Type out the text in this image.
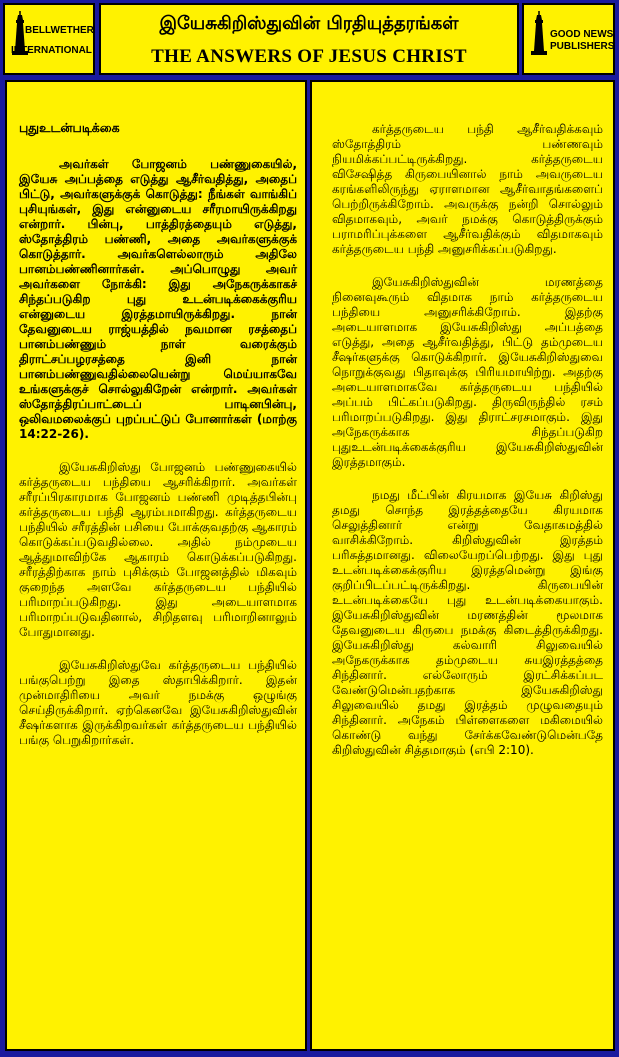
BELLWETHER
INTERNATIONAL
இயேசுகிறிஸ்துவின் பிரதியுத்தரங்கள்
THE ANSWERS OF JESUS CHRIST
GOOD NEWS
PUBLISHERS
புதுஉடன்படிக்கை

அவர்கள் போஜனம் பண்ணுகையில், இயேசு அப்பத்தை எடுத்து ஆசீர்வதித்து, அதைப் பிட்டு, அவர்களுக்குக் கொடுத்து: நீங்கள் வாங்கிப் புசியுங்கள், இது என்னுடைய சரீரமாயிருக்கிறது என்றார். பின்பு, பாத்திரத்தையும் எடுத்து, ஸ்தோத்திரம் பண்ணி, அதை அவர்களுக்குக் கொடுத்தார். அவர்களெல்லாரும் அதிலே பானம்பண்ணினார்கள். அப்பொழுது அவர் அவர்களை நோக்கி: இது அநேகருக்காகச் சிந்தப்படுகிற புது உடன்படிக்கைக்குரிய என்னுடைய இரத்தமாயிருக்கிறது. நான் தேவனுடைய ராஜ்யத்தில் நவமான ரசத்தைப் பானம்பண்ணும் நாள் வரைக்கும் திராட்சப்பழரசத்தை இனி நான் பானம்பண்ணுவதில்லையென்று மெய்யாகவே உங்களுக்குச் சொல்லுகிறேன் என்றார். அவர்கள் ஸ்தோத்திரப்பாட்டைப் பாடினபின்பு, ஒலிவமலைக்குப் புறப்பட்டுப் போனார்கள் (மாற்கு 14:22-26).

இயேசுகிறிஸ்து போஜனம் பண்ணுகையில் கர்த்தருடைய பந்தியை ஆசரிக்கிறார். அவர்கள் சரீரப்பிரகாரமாக போஜனம் பண்ணி முடித்தபின்பு கர்த்தருடைய பந்தி ஆரம்பமாகிறது. கர்த்தருடைய பந்தியில் சரீரத்தின் பசியை போக்குவதற்கு ஆகாரம் கொடுக்கப்படுவதில்லை. அதில் நம்முடைய ஆத்துமாவிற்கே ஆகாரம் கொடுக்கப்படுகிறது. சரீரத்திற்காக நாம் புசிக்கும் போஜனத்தில் மிகவும் குறைந்த அளவே கர்த்தருடைய பந்தியில் பரிமாறப்படுகிறது. இது அடையாளமாக பரிமாறப்படுவதினால், சிறிதளவு பரிமாறினாலும் போதுமானது.

இயேசுகிறிஸ்துவே கர்த்தருடைய பந்தியில் பங்குபெற்று இதை ஸ்தாபிக்கிறார். இதன் முன்மாதிரியை அவர் நமக்கு ஒழுங்கு செய்திருக்கிறார். ஏற்கெனவே இயேசுகிறிஸ்துவின் சீஷர்களாக இருக்கிறவர்கள் கர்த்தருடைய பந்தியில் பங்கு பெறுகிறார்கள்.

கர்த்தருடைய பந்தி ஆசீர்வதிக்கவும் ஸ்தோத்திரம் பண்ணவும் நியமிக்கப்பட்டிருக்கிறது. கர்த்தருடைய விசேஷித்த கிருபையினால் நாம் அவருடைய கரங்களிலிருந்து ஏராளமான ஆசீர்வாதங்களைப் பெற்றிருக்கிறோம். அவருக்கு நன்றி சொல்லும் விதமாகவும், அவர் நமக்கு கொடுத்திருக்கும் பராமரிப்புக்களை ஆசீர்வதிக்கும் விதமாகவும் கர்த்தருடைய பந்தி அனுசரிக்கப்படுகிறது.

இயேசுகிறிஸ்துவின் மரணத்தை நினைவுகூரும் விதமாக நாம் கர்த்தருடைய பந்தியை அனுசரிக்கிறோம். இதற்கு அடையாளமாக இயேசுகிறிஸ்து அப்பத்தை எடுத்து, அதை ஆசீர்வதித்து, பிட்டு தம்முடைய சீஷர்களுக்கு கொடுக்கிறார். இயேசுகிறிஸ்துவை நொறுக்குவது பிதாவுக்கு பிரியமாயிற்று. அதற்கு அடையாளமாகவே கர்த்தருடைய பந்தியில் அப்பம் பிட்கப்படுகிறது. திருவிருந்தில் ரசம் பரிமாறப்படுகிறது. இது திராட்சரசமாகும். இது அநேகருக்காக சிந்தப்படுகிற புதுஉடன்படிக்கைக்குரிய இயேசுகிறிஸ்துவின் இரத்தமாகும்.

நமது மீட்பின் கிரயமாக இயேசு கிறிஸ்து தமது சொந்த இரத்தத்தையே கிரயமாக செலுத்தினார் என்று வேதாகமத்தில் வாசிக்கிறோம். கிறிஸ்துவின் இரத்தம் பரிசுத்தமானது. விலையேறப்பெற்றது. இது புது உடன்படிக்கைக்குரிய இரத்தமென்று இங்கு குறிப்பிடப்பட்டிருக்கிறது. கிருபையின் உடன்படிக்கையே புது உடன்படிக்கையாகும். இயேசுகிறிஸ்துவின் மரணத்தின் மூலமாக தேவனுடைய கிருபை நமக்கு கிடைத்திருக்கிறது. இயேசுகிறிஸ்து கல்வாரி சிலுவையில் அநேகருக்காக தம்முடைய சுயஇரத்தத்தை சிந்தினார். எல்லோரும் இரட்சிக்கப்பட வேண்டுமென்பதற்காக இயேசுகிறிஸ்து சிலுவையில் தமது இரத்தம் முழுவதையும் சிந்தினார். அநேகம் பிள்ளைகளை மகிமையில் கொண்டு வந்து சேர்க்கவேண்டுமென்பதே கிறிஸ்துவின் சித்தமாகும் (எபி 2:10).
